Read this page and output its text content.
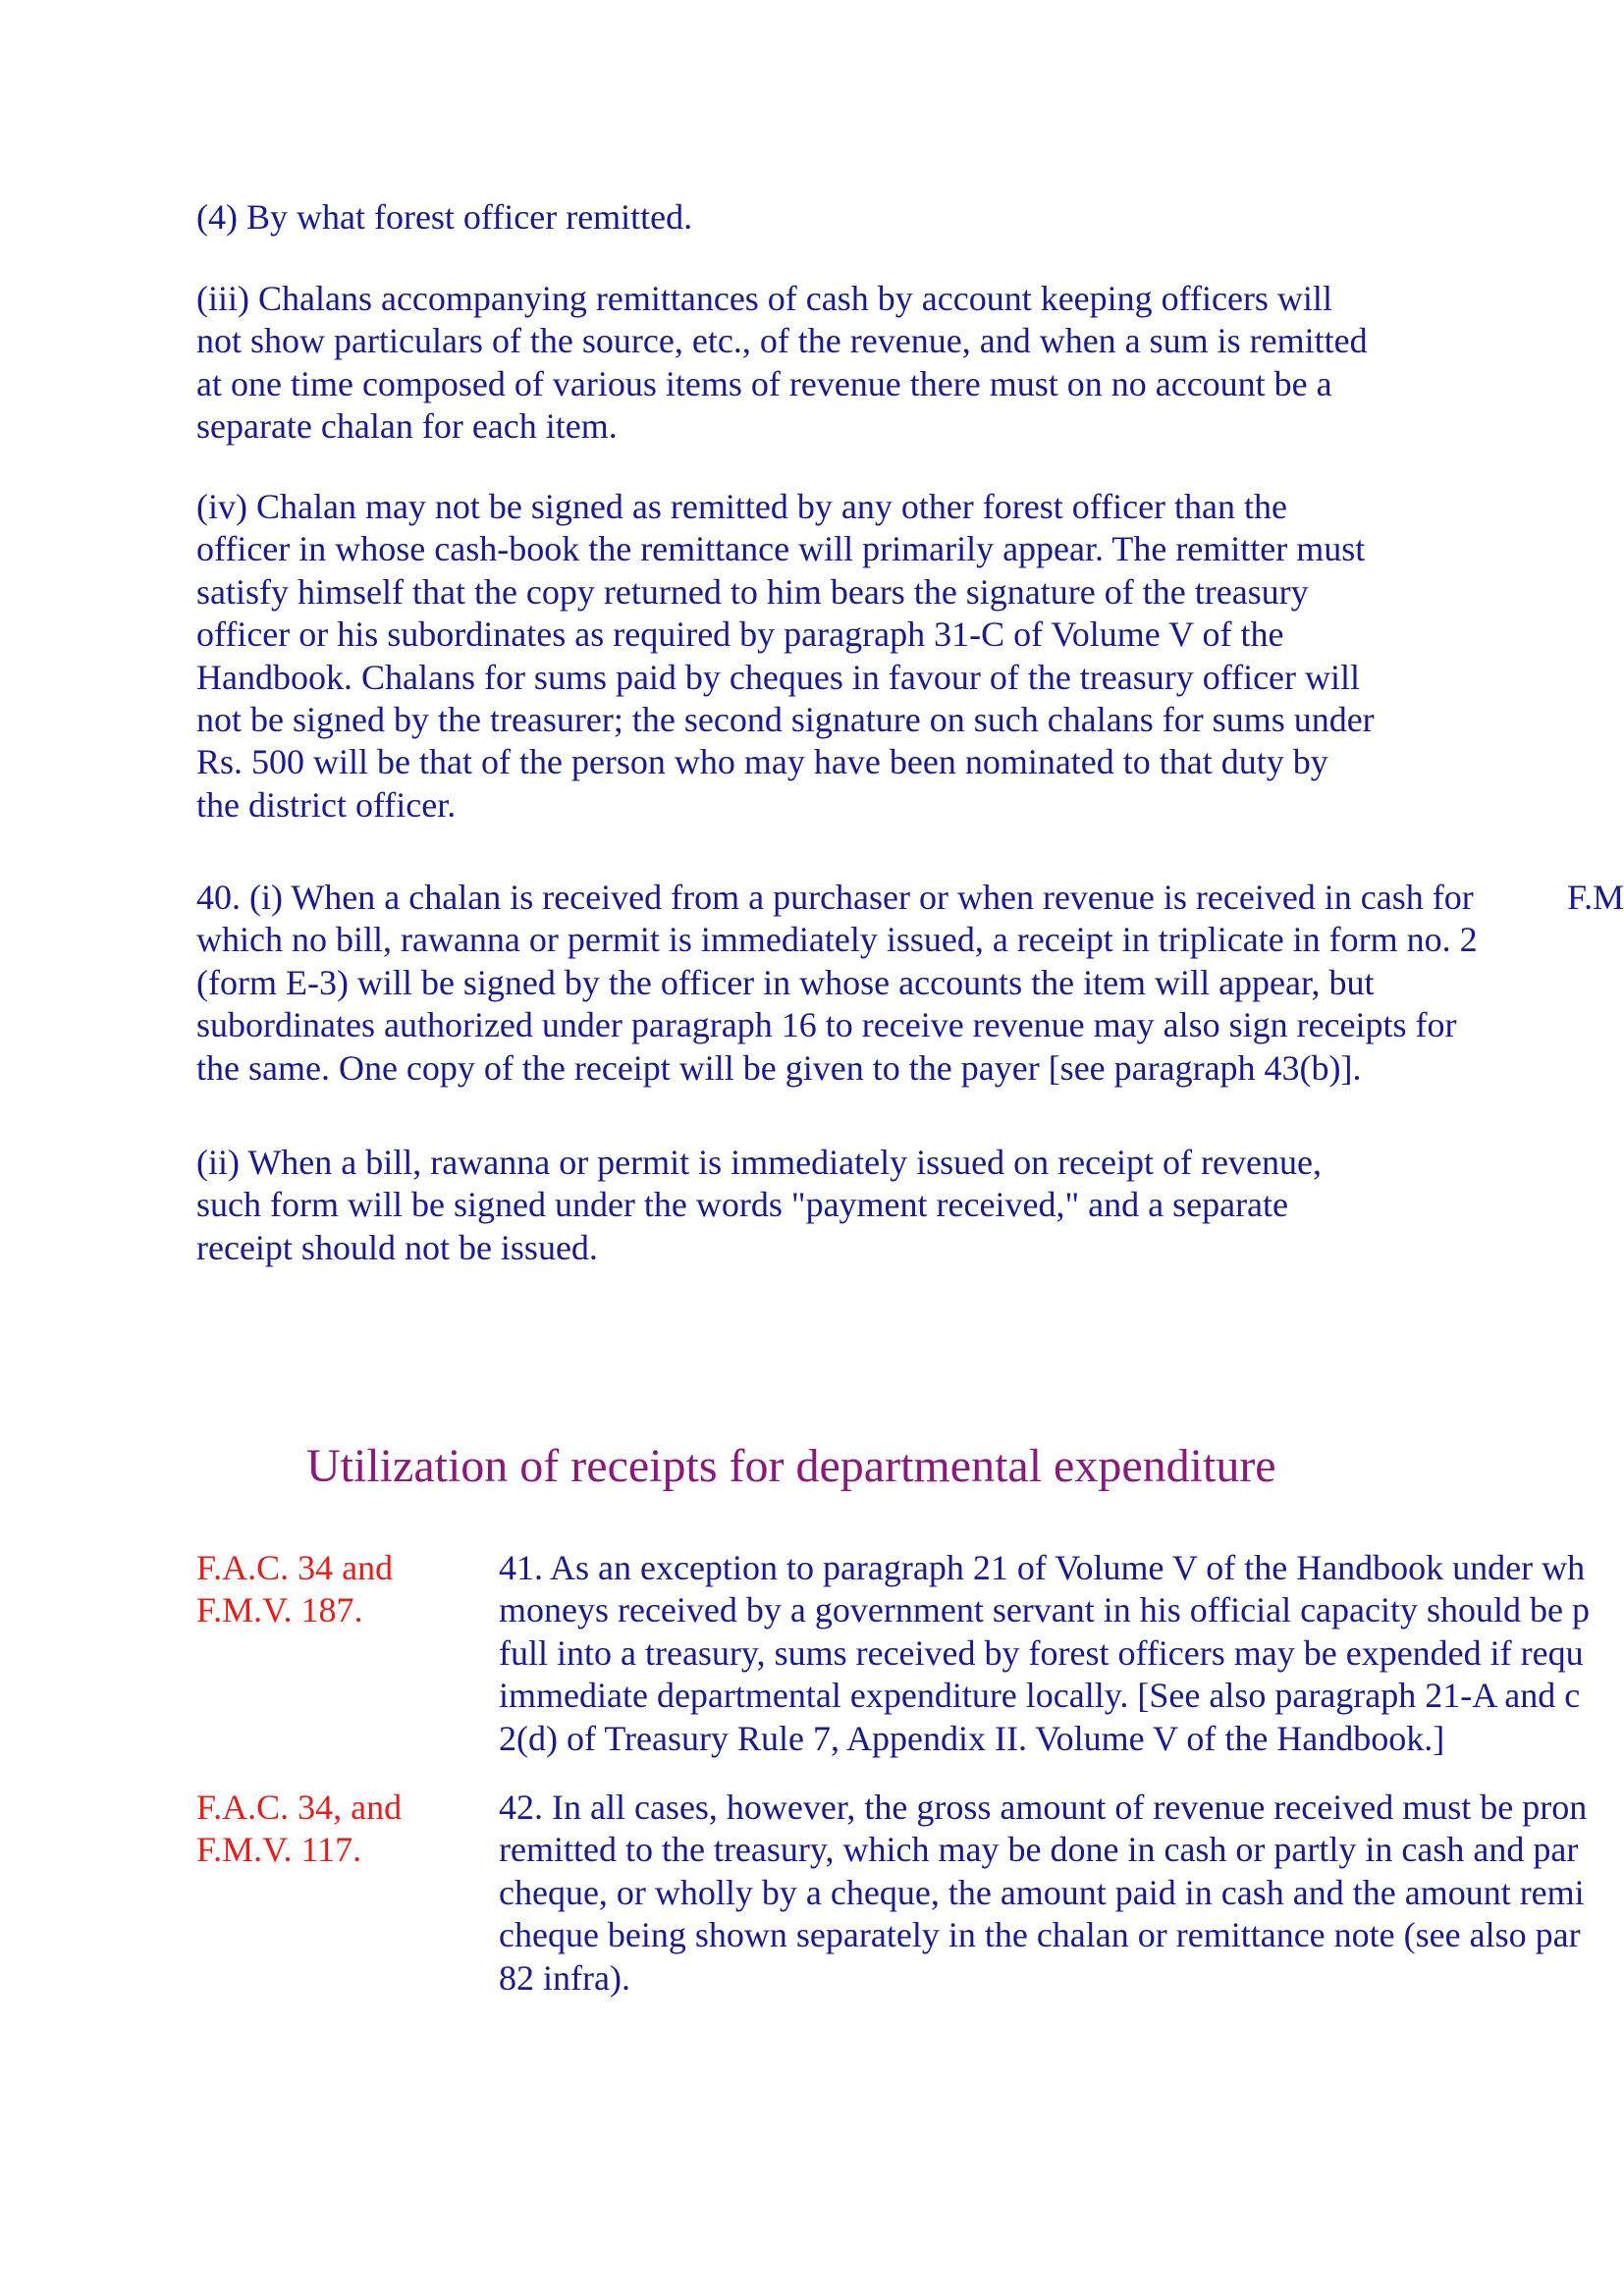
(4) By what forest officer remitted.

(iii) Chalans accompanying remittances of cash by account keeping officers will
not show particulars of the source, etc., of the revenue, and when a sum is remitted
at one time composed of various items of revenue there must on no account be a
separate chalan for each item.

(iv) Chalan may not be signed as remitted by any other forest officer than the
officer in whose cash-book the remittance will primarily appear. The remitter must
satisfy himself that the copy returned to him bears the signature of the treasury
officer or his subordinates as required by paragraph 31-C of Volume V of the
Handbook. Chalans for sums paid by cheques in favour of the treasury officer will
not be signed by the treasurer; the second signature on such chalans for sums under
Rs. 500 will be that of the person who may have been nominated to that duty by
the district officer.

40. (i) When a chalan is received from a purchaser or when revenue is received in cash for
which no bill, rawanna or permit is immediately issued, a receipt in triplicate in form no. 2
(form E-3) will be signed by the officer in whose accounts the item will appear, but
subordinates authorized under paragraph 16 to receive revenue may also sign receipts for
the same. One copy of the receipt will be given to the payer [see paragraph 43(b)].

F.M

(ii) When a bill, rawanna or permit is immediately issued on receipt of revenue,
such form will be signed under the words "payment received," and a separate
receipt should not be issued.

Utilization of receipts for departmental expenditure

F.A.C. 34 and
F.M.V. 187.

41. As an exception to paragraph 21 of Volume V of the Handbook under wh
moneys received by a government servant in his official capacity should be p
full into a treasury, sums received by forest officers may be expended if requ
immediate departmental expenditure locally. [See also paragraph 21-A and c
2(d) of Treasury Rule 7, Appendix II. Volume V of the Handbook.]

F.A.C. 34, and
F.M.V. 117.

42. In all cases, however, the gross amount of revenue received must be pron
remitted to the treasury, which may be done in cash or partly in cash and par
cheque, or wholly by a cheque, the amount paid in cash and the amount remi
cheque being shown separately in the chalan or remittance note (see also par
82 infra).
